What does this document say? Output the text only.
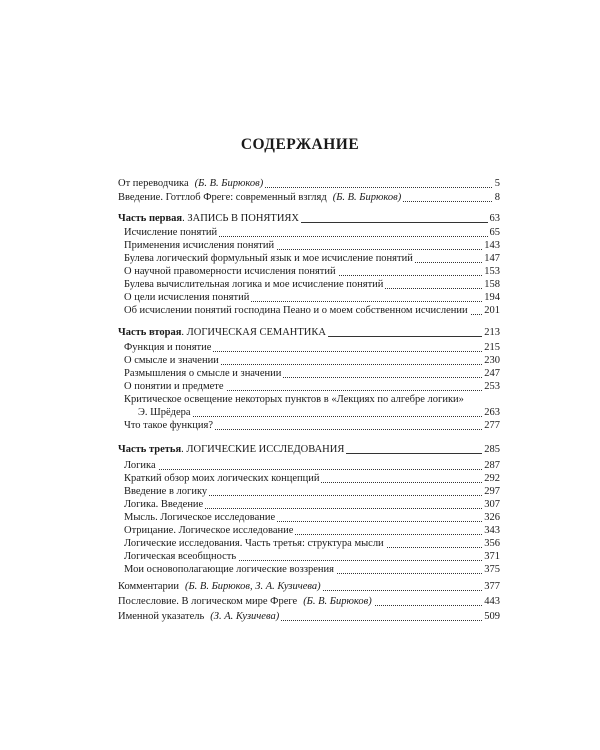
СОДЕРЖАНИЕ
От переводчика (Б. В. Бирюков)	5
Введение. Готтлоб Фреге: современный взгляд (Б. В. Бирюков)	8
Часть первая. ЗАПИСЬ В ПОНЯТИЯХ	63
Исчисление понятий	65
Применения исчисления понятий	143
Булева логический формульный язык и мое исчисление понятий	147
О научной правомерности исчисления понятий	153
Булева вычислительная логика и мое исчисление понятий	158
О цели исчисления понятий	194
Об исчислении понятий господина Пеано и о моем собственном исчислении 201
Часть вторая. ЛОГИЧЕСКАЯ СЕМАНТИКА	213
Функция и понятие	215
О смысле и значении	230
Размышления о смысле и значении	247
О понятии и предмете	253
Критическое освещение некоторых пунктов в «Лекциях по алгебре логики»
Э. Шрёдера	263
Что такое функция?	277
Часть третья. ЛОГИЧЕСКИЕ ИССЛЕДОВАНИЯ	285
Логика	287
Краткий обзор моих логических концепций	292
Введение в логику	297
Логика. Введение	307
Мысль. Логическое исследование	326
Отрицание. Логическое исследование	343
Логические исследования. Часть третья: структура мысли	356
Логическая всеобщность	371
Мои основополагающие логические воззрения	375
Комментарии (Б. В. Бирюков, З. А. Кузичева)	377
Послесловие. В логическом мире Фреге (Б. В. Бирюков)	443
Именной указатель (З. А. Кузичева)	509
